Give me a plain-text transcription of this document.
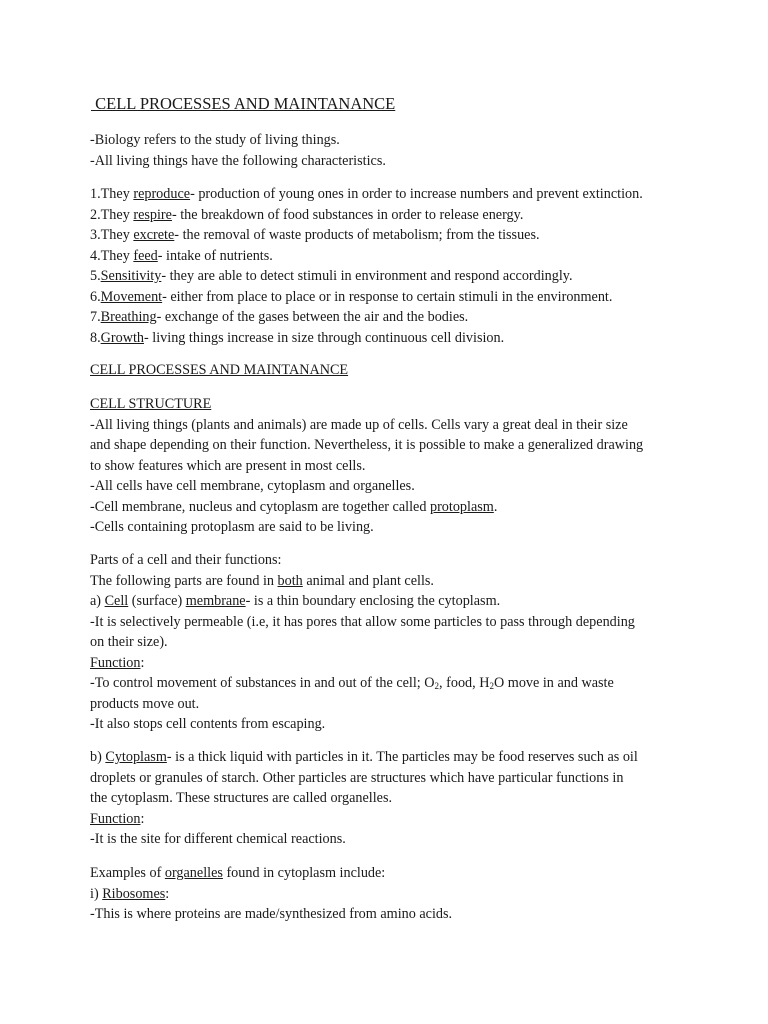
CELL PROCESSES AND MAINTANANCE
-Biology refers to the study of living things.
-All living things have the following characteristics.
1.They reproduce- production of young ones in order to increase numbers and prevent extinction.
2.They respire- the breakdown of food substances in order to release energy.
3.They excrete- the removal of waste products of metabolism; from the tissues.
4.They feed- intake of nutrients.
5.Sensitivity- they are able to detect stimuli in environment and respond accordingly.
6.Movement- either from place to place or in response to certain stimuli in the environment.
7.Breathing- exchange of the gases between the air and the bodies.
8.Growth- living things increase in size through continuous cell division.
CELL PROCESSES AND MAINTANANCE
CELL STRUCTURE
-All living things (plants and animals) are made up of cells. Cells vary a great deal in their size
and shape depending on their function. Nevertheless, it is possible to make a generalized drawing
to show features which are present in most cells.
-All cells have cell membrane, cytoplasm and organelles.
-Cell membrane, nucleus and cytoplasm are together called protoplasm.
-Cells containing protoplasm are said to be living.
Parts of a cell and their functions:
The following parts are found in both animal and plant cells.
a) Cell (surface) membrane- is a thin boundary enclosing the cytoplasm.
-It is selectively permeable (i.e, it has pores that allow some particles to pass through depending
on their size).
Function:
-To control movement of substances in and out of the cell; $O_2$, food, $H_2O$ move in and waste
products move out.
-It also stops cell contents from escaping.
b) Cytoplasm- is a thick liquid with particles in it. The particles may be food reserves such as oil
droplets or granules of starch. Other particles are structures which have particular functions in
the cytoplasm. These structures are called organelles.
Function:
-It is the site for different chemical reactions.
Examples of organelles found in cytoplasm include:
i) Ribosomes:
-This is where proteins are made/synthesized from amino acids.
